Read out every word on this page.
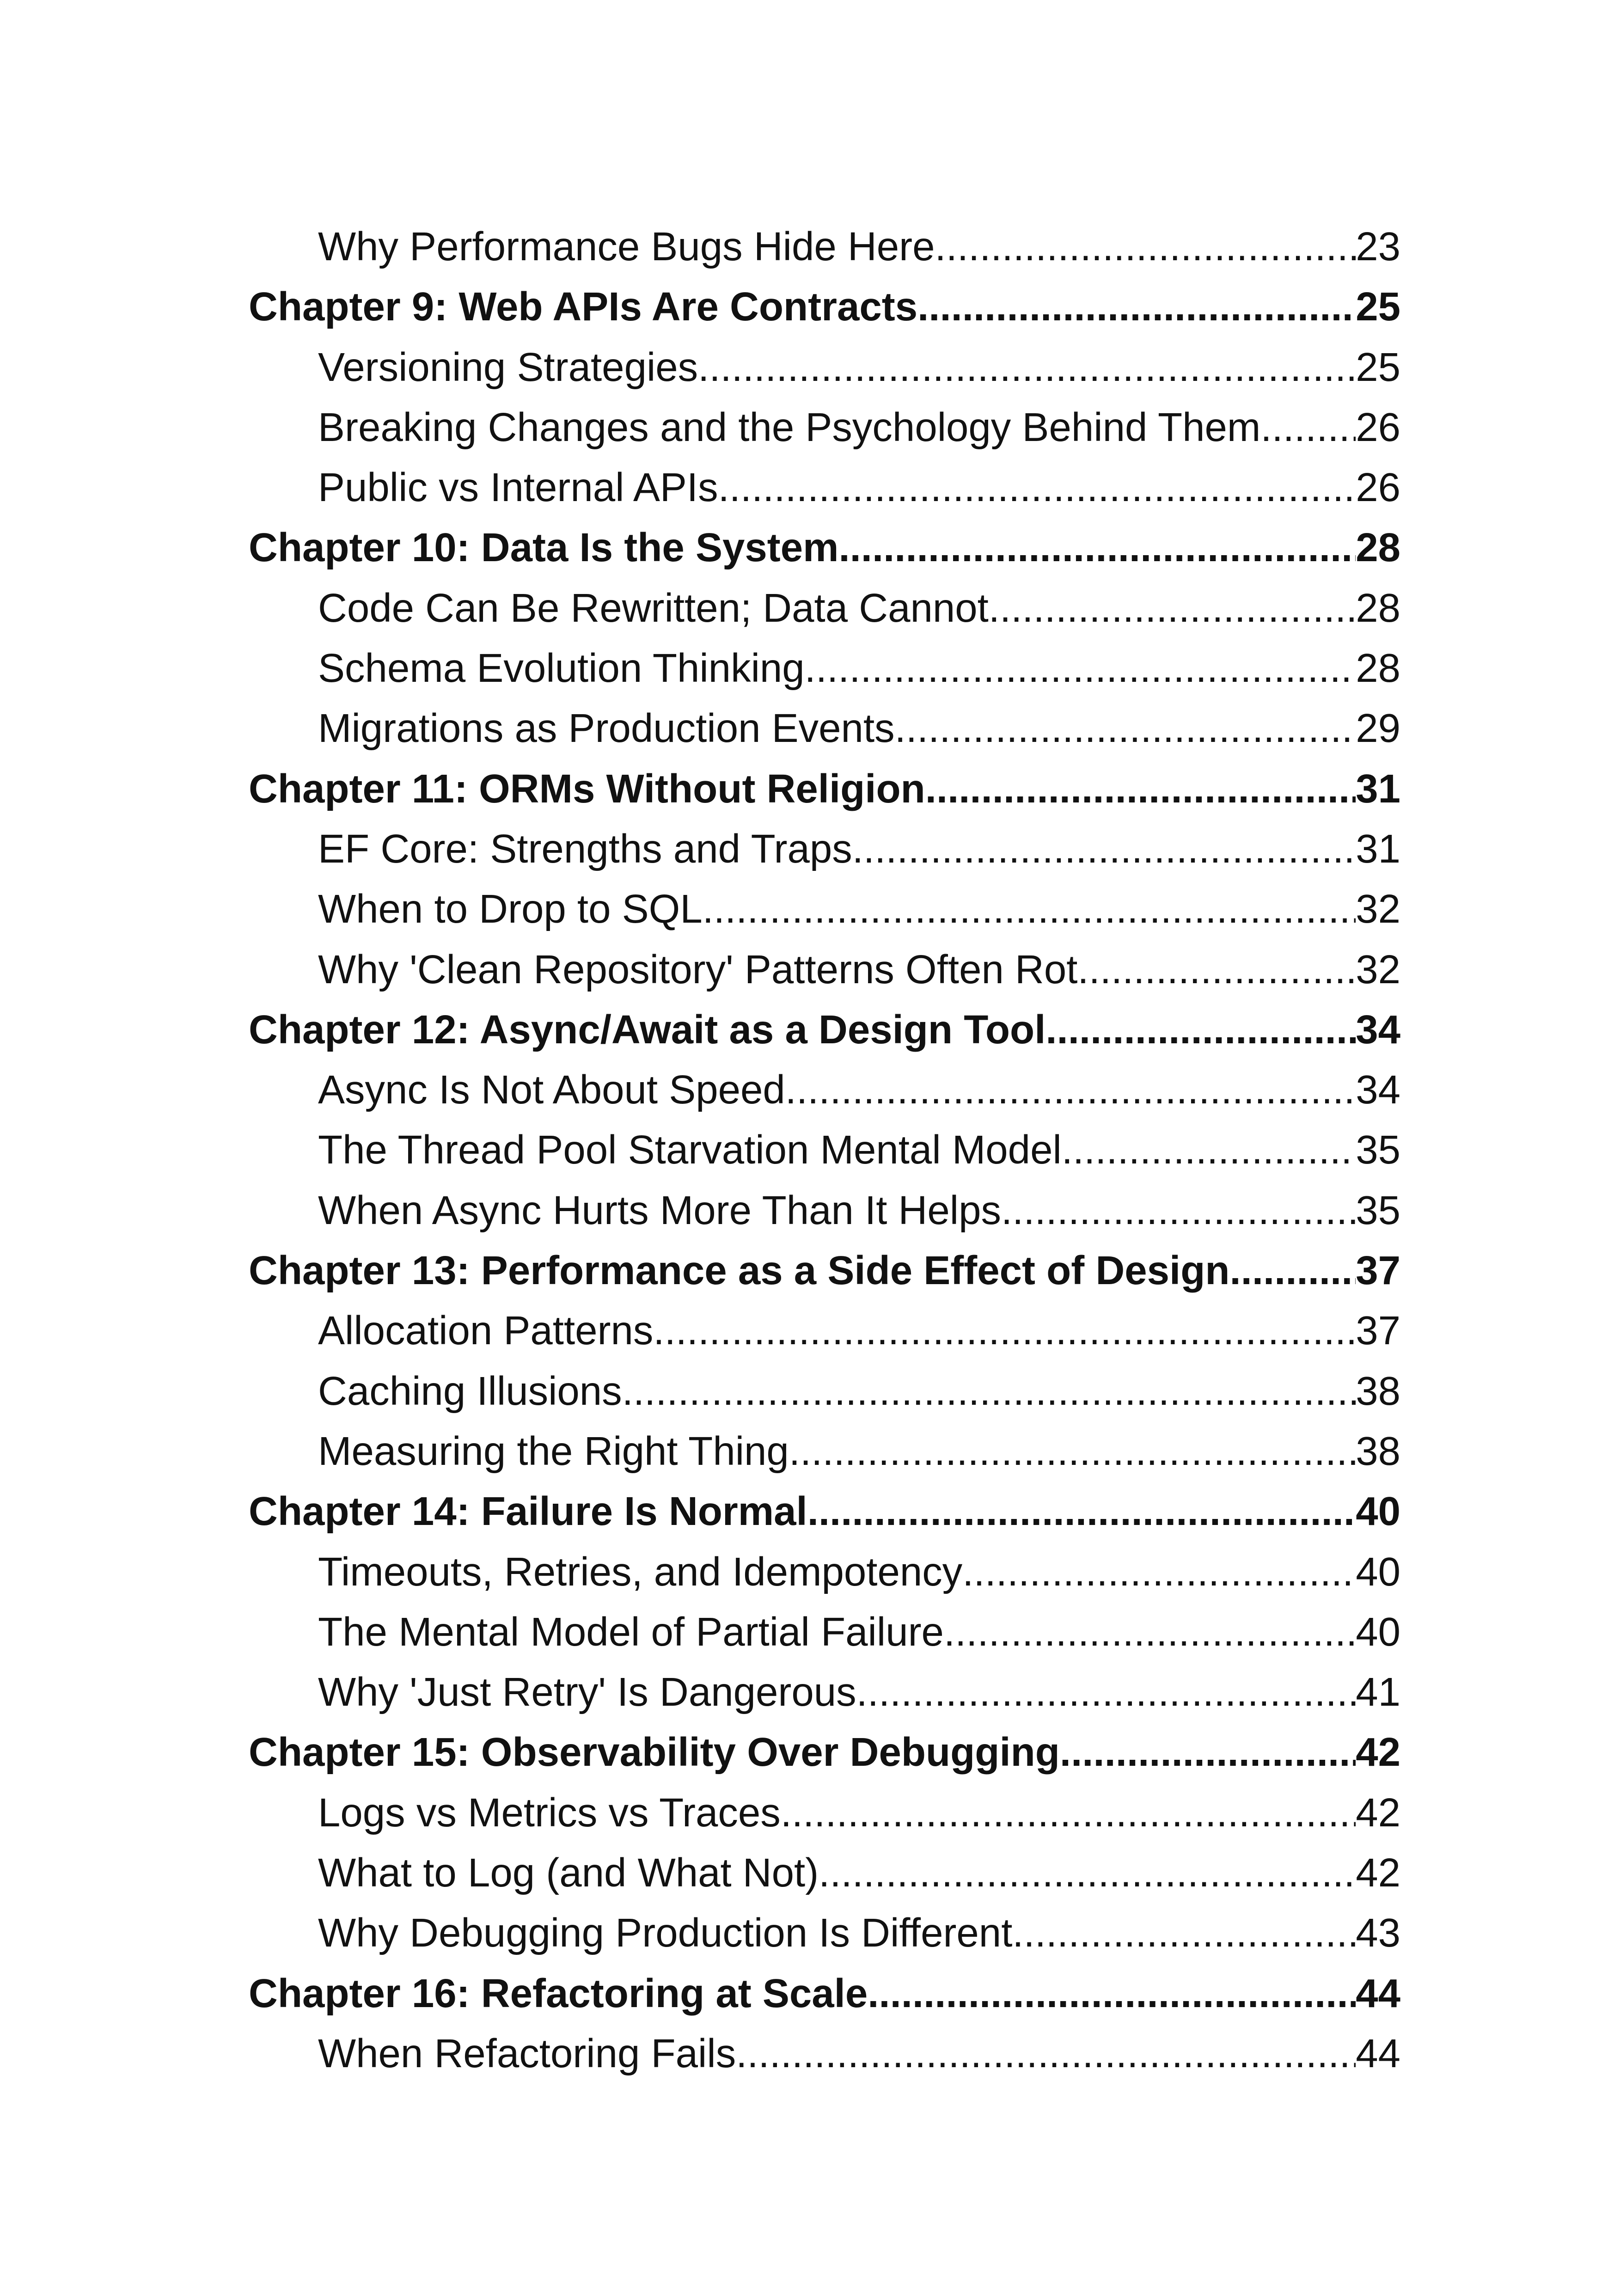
Why Performance Bugs Hide Here .....	23
Chapter 9: Web APIs Are Contracts .....	25
Versioning Strategies .....	25
Breaking Changes and the Psychology Behind Them ..... 26
Public vs Internal APIs .....	26
Chapter 10: Data Is the System .....	28
Code Can Be Rewritten; Data Cannot .....	28
Schema Evolution Thinking .....	28
Migrations as Production Events .....	29
Chapter 11: ORMs Without Religion .....	31
EF Core: Strengths and Traps .....	31
When to Drop to SQL .....	32
Why 'Clean Repository' Patterns Often Rot .....	32
Chapter 12: Async/Await as a Design Tool .....	34
Async Is Not About Speed .....	34
The Thread Pool Starvation Mental Model .....	35
When Async Hurts More Than It Helps .....	35
Chapter 13: Performance as a Side Effect of Design .....	37
Allocation Patterns .....	37
Caching Illusions .....	38
Measuring the Right Thing .....	38
Chapter 14: Failure Is Normal .....	40
Timeouts, Retries, and Idempotency .....	40
The Mental Model of Partial Failure .....	40
Why 'Just Retry' Is Dangerous .....	41
Chapter 15: Observability Over Debugging .....	42
Logs vs Metrics vs Traces .....	42
What to Log (and What Not) .....	42
Why Debugging Production Is Different .....	43
Chapter 16: Refactoring at Scale .....	44
When Refactoring Fails .....	44
